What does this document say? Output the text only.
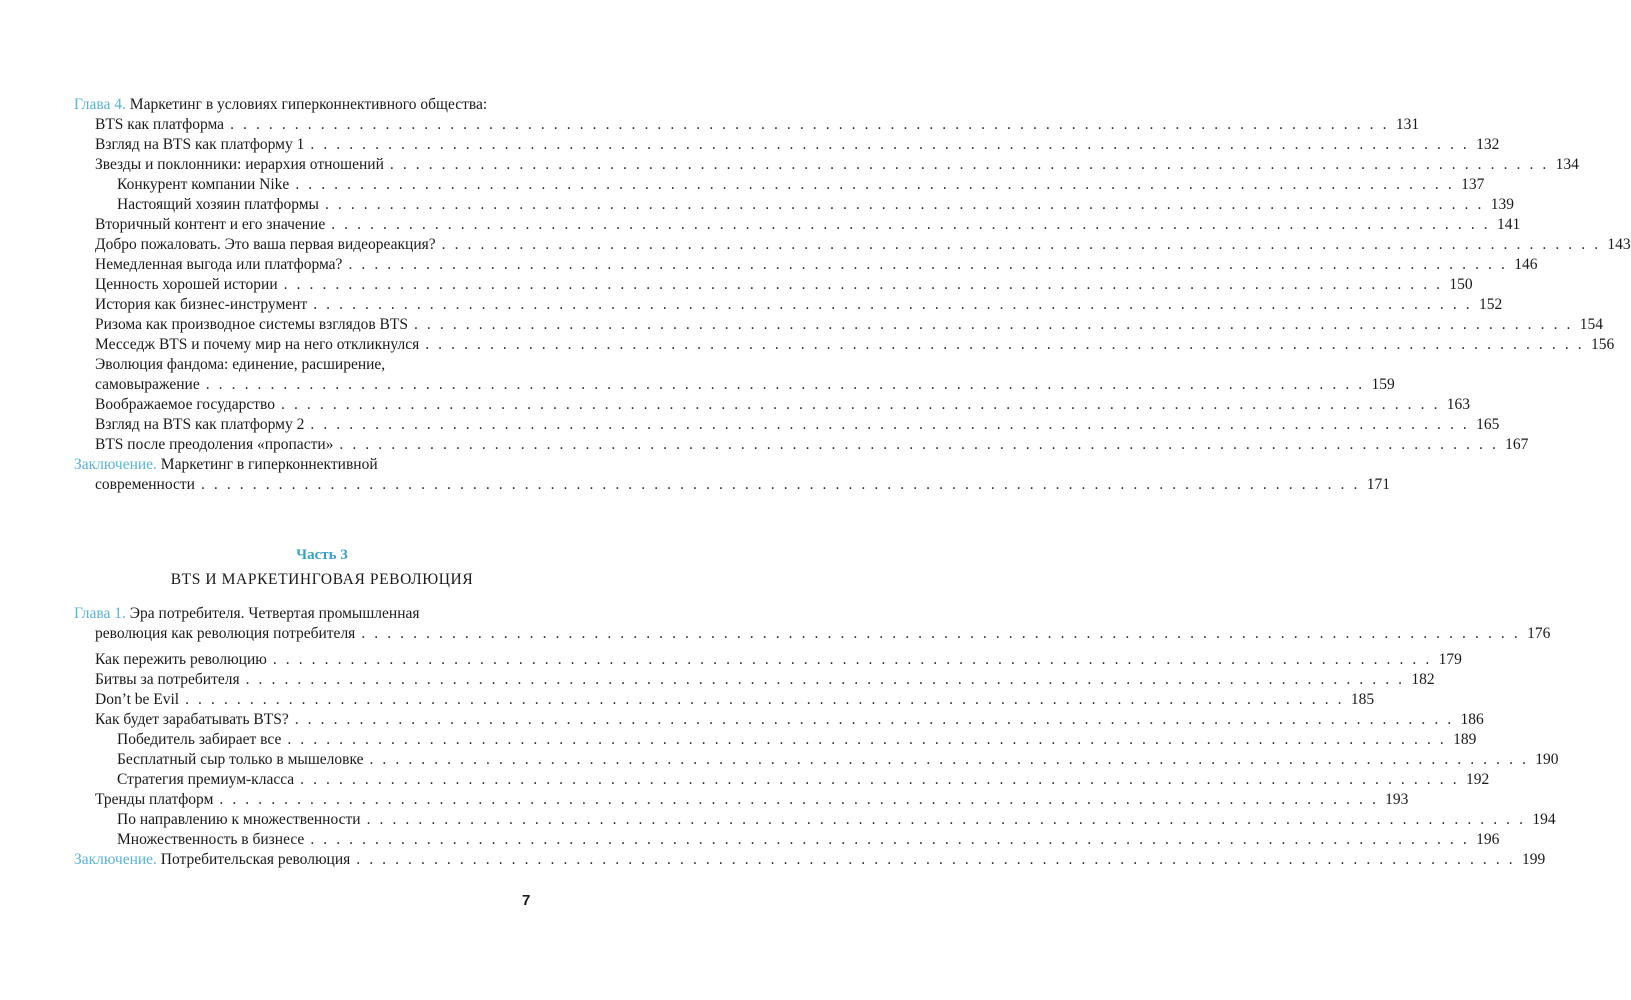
Глава 4. Маркетинг в условиях гиперконнективного общества:
BTS как платформа . . . . . . . . . . . . . . . . . . . . . . . . . . . . . . . . . . . . . . . . . . . . . . . . . . . . . . . . . . . . . . . . . . . . . . . . . . . . . . . . . . . . . . . . . . 131
Взгляд на BTS как платформу 1 . . . . . . . . . . . . . . . . . . . . . . . . . . . . . . . . . . . . . . . . . . . . . . . . . . . . . . . . . . . . . . . . . . . . . . . . . . . . . . . . . . . . . . . . . . 132
Звезды и поклонники: иерархия отношений . . . . . . . . . . . . . . . . . . . . . . . . . . . . . . . . . . . . . . . . . . . . . . . . . . . . . . . . . . . . . . . . . . . . . . . . . . . . . . . . . . . . . . . . . . 134
Конкурент компании Nike . . . . . . . . . . . . . . . . . . . . . . . . . . . . . . . . . . . . . . . . . . . . . . . . . . . . . . . . . . . . . . . . . . . . . . . . . . . . . . . . . . . . . . . . . . 137
Настоящий хозяин платформы . . . . . . . . . . . . . . . . . . . . . . . . . . . . . . . . . . . . . . . . . . . . . . . . . . . . . . . . . . . . . . . . . . . . . . . . . . . . . . . . . . . . . . . . . . 139
Вторичный контент и его значение . . . . . . . . . . . . . . . . . . . . . . . . . . . . . . . . . . . . . . . . . . . . . . . . . . . . . . . . . . . . . . . . . . . . . . . . . . . . . . . . . . . . . . . . . . 141
Добро пожаловать. Это ваша первая видеореакция? . . . . . . . . . . . . . . . . . . . . . . . . . . . . . . . . . . . . . . . . . . . . . . . . . . . . . . . . . . . . . . . . . . . . . . . . . . . . . . . . . . . . . . . . . . 143
Немедленная выгода или платформа? . . . . . . . . . . . . . . . . . . . . . . . . . . . . . . . . . . . . . . . . . . . . . . . . . . . . . . . . . . . . . . . . . . . . . . . . . . . . . . . . . . . . . . . . . . 146
Ценность хорошей истории . . . . . . . . . . . . . . . . . . . . . . . . . . . . . . . . . . . . . . . . . . . . . . . . . . . . . . . . . . . . . . . . . . . . . . . . . . . . . . . . . . . . . . . . . . 150
История как бизнес-инструмент . . . . . . . . . . . . . . . . . . . . . . . . . . . . . . . . . . . . . . . . . . . . . . . . . . . . . . . . . . . . . . . . . . . . . . . . . . . . . . . . . . . . . . . . . . 152
Ризома как производное системы взглядов BTS . . . . . . . . . . . . . . . . . . . . . . . . . . . . . . . . . . . . . . . . . . . . . . . . . . . . . . . . . . . . . . . . . . . . . . . . . . . . . . . . . . . . . . . . . . 154
Месседж BTS и почему мир на него откликнулся . . . . . . . . . . . . . . . . . . . . . . . . . . . . . . . . . . . . . . . . . . . . . . . . . . . . . . . . . . . . . . . . . . . . . . . . . . . . . . . . . . . . . . . . . . 156
Эволюция фандома: единение, расширение,
самовыражение . . . . . . . . . . . . . . . . . . . . . . . . . . . . . . . . . . . . . . . . . . . . . . . . . . . . . . . . . . . . . . . . . . . . . . . . . . . . . . . . . . . . . . . . . . 159
Воображаемое государство . . . . . . . . . . . . . . . . . . . . . . . . . . . . . . . . . . . . . . . . . . . . . . . . . . . . . . . . . . . . . . . . . . . . . . . . . . . . . . . . . . . . . . . . . . 163
Взгляд на BTS как платформу 2 . . . . . . . . . . . . . . . . . . . . . . . . . . . . . . . . . . . . . . . . . . . . . . . . . . . . . . . . . . . . . . . . . . . . . . . . . . . . . . . . . . . . . . . . . . 165
BTS после преодоления «пропасти» . . . . . . . . . . . . . . . . . . . . . . . . . . . . . . . . . . . . . . . . . . . . . . . . . . . . . . . . . . . . . . . . . . . . . . . . . . . . . . . . . . . . . . . . . . 167
Заключение. Маркетинг в гиперконнективной
современности . . . . . . . . . . . . . . . . . . . . . . . . . . . . . . . . . . . . . . . . . . . . . . . . . . . . . . . . . . . . . . . . . . . . . . . . . . . . . . . . . . . . . . . . . . 171
Часть 3
BTS И МАРКЕТИНГОВАЯ РЕВОЛЮЦИЯ
Глава 1. Эра потребителя. Четвертая промышленная
революция как революция потребителя . . . . . . . . . . . . . . . . . . . . . . . . . . . . . . . . . . . . . . . . . . . . . . . . . . . . . . . . . . . . . . . . . . . . . . . . . . . . . . . . . . . . . . . . . . 176
Как пережить революцию . . . . . . . . . . . . . . . . . . . . . . . . . . . . . . . . . . . . . . . . . . . . . . . . . . . . . . . . . . . . . . . . . . . . . . . . . . . . . . . . . . . . . . . . . . 179
Битвы за потребителя . . . . . . . . . . . . . . . . . . . . . . . . . . . . . . . . . . . . . . . . . . . . . . . . . . . . . . . . . . . . . . . . . . . . . . . . . . . . . . . . . . . . . . . . . . 182
Don’t be Evil . . . . . . . . . . . . . . . . . . . . . . . . . . . . . . . . . . . . . . . . . . . . . . . . . . . . . . . . . . . . . . . . . . . . . . . . . . . . . . . . . . . . . . . . . . 185
Как будет зарабатывать BTS? . . . . . . . . . . . . . . . . . . . . . . . . . . . . . . . . . . . . . . . . . . . . . . . . . . . . . . . . . . . . . . . . . . . . . . . . . . . . . . . . . . . . . . . . . . 186
Победитель забирает все . . . . . . . . . . . . . . . . . . . . . . . . . . . . . . . . . . . . . . . . . . . . . . . . . . . . . . . . . . . . . . . . . . . . . . . . . . . . . . . . . . . . . . . . . . 189
Бесплатный сыр только в мышеловке . . . . . . . . . . . . . . . . . . . . . . . . . . . . . . . . . . . . . . . . . . . . . . . . . . . . . . . . . . . . . . . . . . . . . . . . . . . . . . . . . . . . . . . . . . 190
Стратегия премиум-класса . . . . . . . . . . . . . . . . . . . . . . . . . . . . . . . . . . . . . . . . . . . . . . . . . . . . . . . . . . . . . . . . . . . . . . . . . . . . . . . . . . . . . . . . . . 192
Тренды платформ . . . . . . . . . . . . . . . . . . . . . . . . . . . . . . . . . . . . . . . . . . . . . . . . . . . . . . . . . . . . . . . . . . . . . . . . . . . . . . . . . . . . . . . . . . 193
По направлению к множественности . . . . . . . . . . . . . . . . . . . . . . . . . . . . . . . . . . . . . . . . . . . . . . . . . . . . . . . . . . . . . . . . . . . . . . . . . . . . . . . . . . . . . . . . . . 194
Множественность в бизнесе . . . . . . . . . . . . . . . . . . . . . . . . . . . . . . . . . . . . . . . . . . . . . . . . . . . . . . . . . . . . . . . . . . . . . . . . . . . . . . . . . . . . . . . . . . 196
Заключение. Потребительская революция . . . . . . . . . . . . . . . . . . . . . . . . . . . . . . . . . . . . . . . . . . . . . . . . . . . . . . . . . . . . . . . . . . . . . . . . . . . . . . . . . . . . . . . . . . 199
7
